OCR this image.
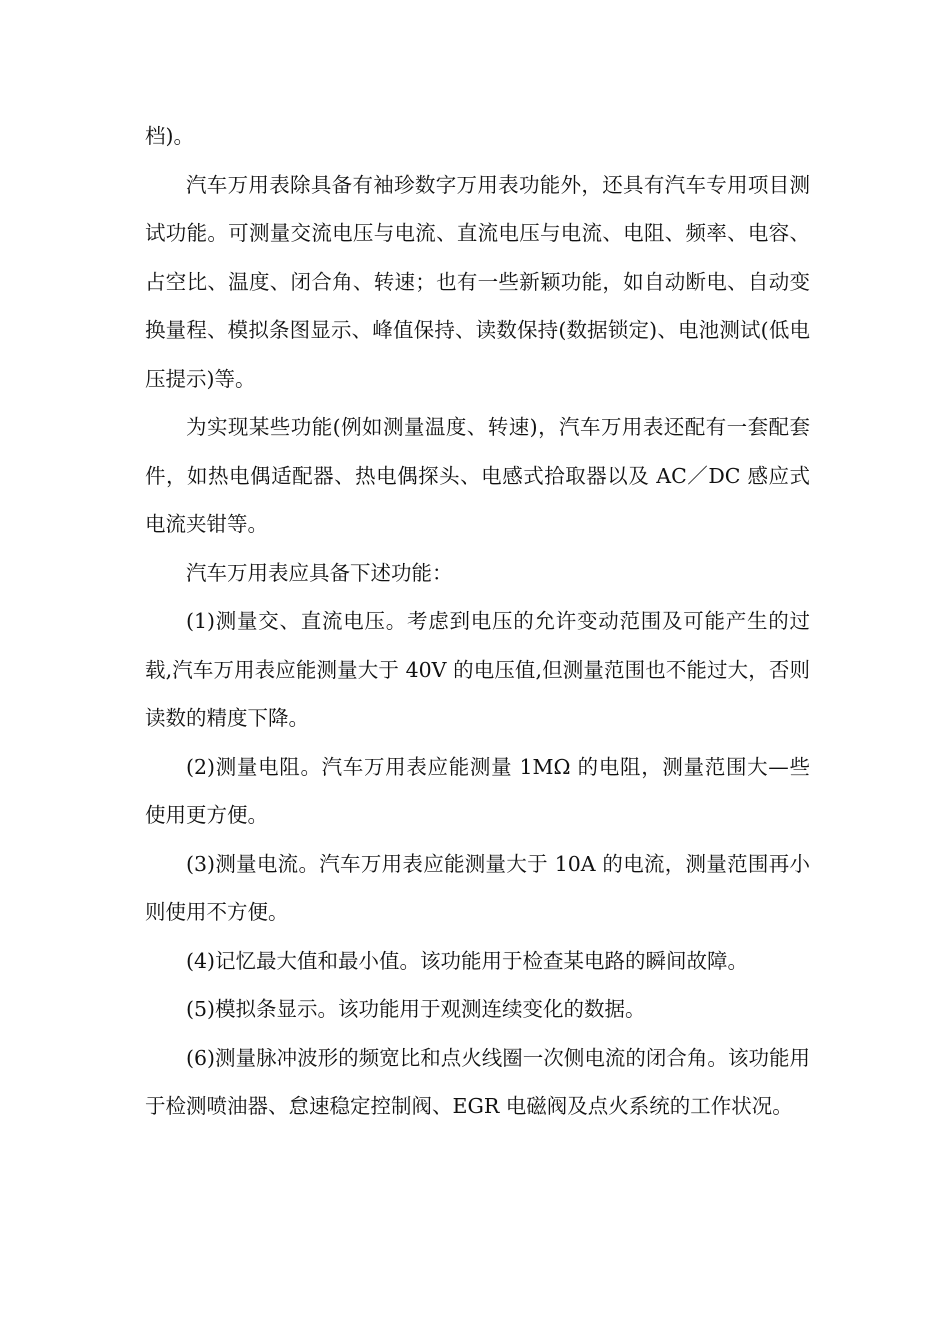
档)。

汽车万用表除具备有袖珍数字万用表功能外，还具有汽车专用项目测试功能。可测量交流电压与电流、直流电压与电流、电阻、频率、电容、占空比、温度、闭合角、转速；也有一些新颖功能，如自动断电、自动变换量程、模拟条图显示、峰值保持、读数保持(数据锁定)、电池测试(低电压提示)等。

为实现某些功能(例如测量温度、转速)，汽车万用表还配有一套配套件，如热电偶适配器、热电偶探头、电感式拾取器以及 AC／DC 感应式电流夹钳等。

汽车万用表应具备下述功能：

(1)测量交、直流电压。考虑到电压的允许变动范围及可能产生的过载,汽车万用表应能测量大于 40V 的电压值,但测量范围也不能过大，否则读数的精度下降。

(2)测量电阻。汽车万用表应能测量 1MΩ 的电阻，测量范围大—些使用更方便。

(3)测量电流。汽车万用表应能测量大于 10A 的电流，测量范围再小则使用不方便。

(4)记忆最大值和最小值。该功能用于检查某电路的瞬间故障。

(5)模拟条显示。该功能用于观测连续变化的数据。

(6)测量脉冲波形的频宽比和点火线圈一次侧电流的闭合角。该功能用于检测喷油器、怠速稳定控制阀、EGR 电磁阀及点火系统的工作状况。
